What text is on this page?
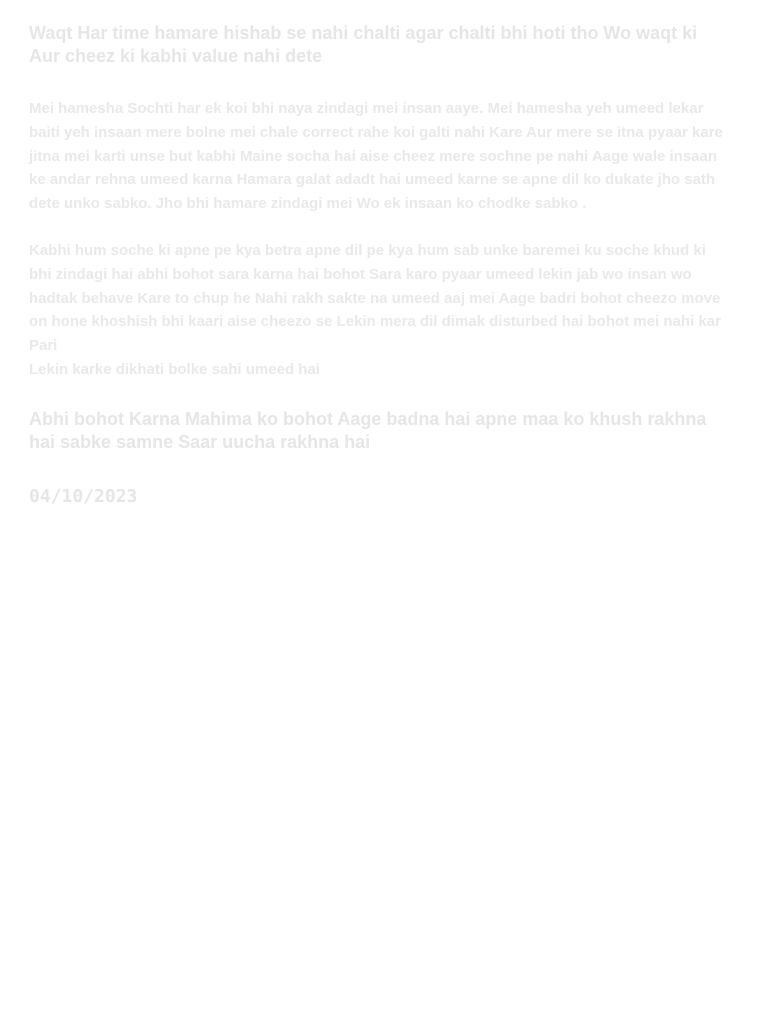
Waqt Har time hamare hishab se nahi chalti agar chalti bhi hoti tho Wo waqt ki Aur cheez ki kabhi value nahi dete

Mei hamesha Sochti har ek koi bhi naya zindagi mei insan aaye. Mei hamesha yeh umeed lekar baiti yeh insaan mere bolne mei chale correct rahe koi galti nahi Kare Aur mere se itna pyaar kare jitna mei karti unse but kabhi Maine socha hai aise cheez mere sochne pe nahi Aage wale insaan ke andar rehna umeed karna Hamara galat adadt hai umeed karne se apne dil ko dukate jho sath dete unko sabko. Jho bhi hamare zindagi mei Wo ek insaan ko chodke sabko .

Kabhi hum soche ki apne pe kya betra apne dil pe kya hum sab unke baremei ku soche khud ki bhi zindagi hai abhi bohot sara karna hai bohot Sara karo pyaar umeed lekin jab wo insan wo hadtak behave Kare to chup he Nahi rakh sakte na umeed aaj mei Aage badri bohot cheezo move on hone khoshish bhi kaari aise cheezo se Lekin mera dil dimak disturbed hai bohot mei nahi kar Pari

Lekin karke dikhati bolke sahi umeed hai

Abhi bohot Karna Mahima ko bohot Aage badna hai apne maa ko khush rakhna hai sabke samne Saar uucha rakhna hai
04/10/2023
